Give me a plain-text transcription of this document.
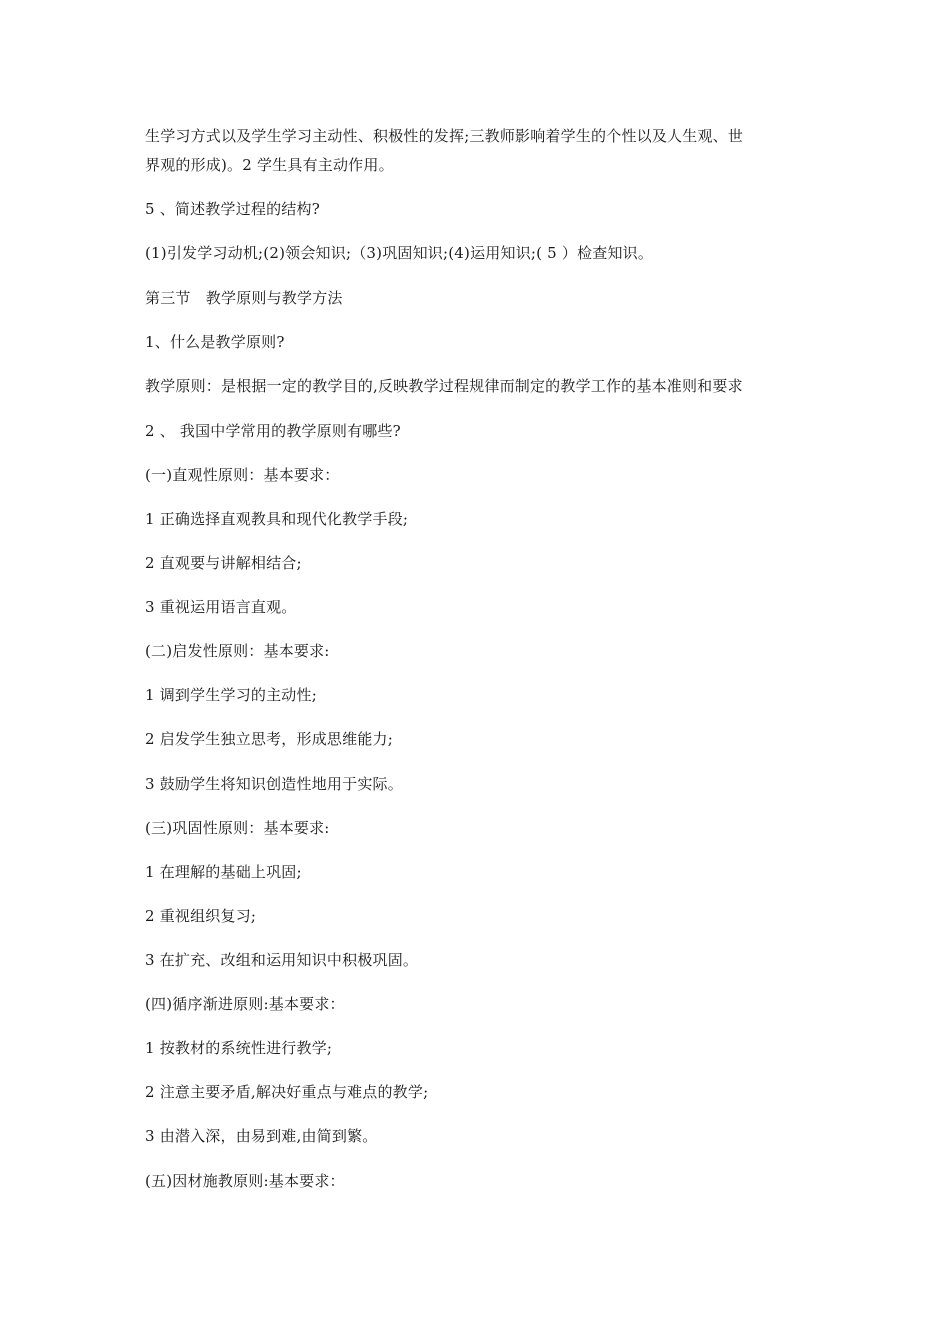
生学习方式以及学生学习主动性、积极性的发挥;三教师影响着学生的个性以及人生观、世
界观的形成)。2 学生具有主动作用。
5 、简述教学过程的结构?
(1)引发学习动机;(2)领会知识;（3)巩固知识;(4)运用知识;( 5 ）检查知识。
第三节　教学原则与教学方法
1、什么是教学原则?
教学原则：是根据一定的教学目的,反映教学过程规律而制定的教学工作的基本准则和要求
2 、 我国中学常用的教学原则有哪些?
(一)直观性原则：基本要求：
1 正确选择直观教具和现代化教学手段;
2 直观要与讲解相结合;
3 重视运用语言直观。
(二)启发性原则：基本要求:
1 调到学生学习的主动性;
2 启发学生独立思考，形成思维能力;
3 鼓励学生将知识创造性地用于实际。
(三)巩固性原则：基本要求:
1 在理解的基础上巩固;
2 重视组织复习;
3 在扩充、改组和运用知识中积极巩固。
(四)循序渐进原则:基本要求：
1 按教材的系统性进行教学;
2 注意主要矛盾,解决好重点与难点的教学;
3 由潜入深，由易到难,由简到繁。
(五)因材施教原则:基本要求：
